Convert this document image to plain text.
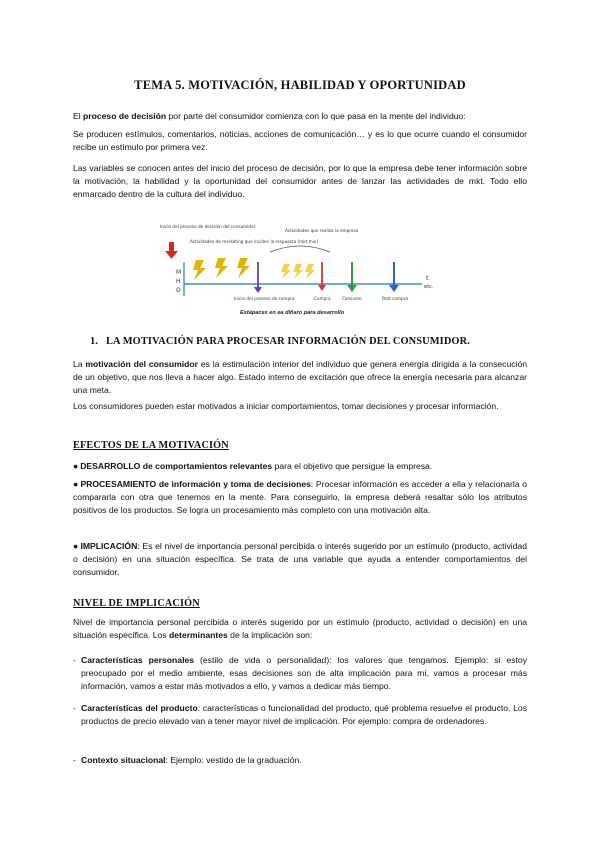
TEMA 5. MOTIVACIÓN, HABILIDAD Y OPORTUNIDAD
El proceso de decisión por parte del consumidor comienza con lo que pasa en la mente del individuo:
Se producen estímulos, comentarios, noticias, acciones de comunicación… y es lo que ocurre cuando el consumidor recibe un estímulo por primera vez.
Las variables se conocen antes del inicio del proceso de decisión, por lo que la empresa debe tener información sobre la motivación, la habilidad y la oportunidad del consumidor antes de lanzar las actividades de mkt. Todo ello enmarcado dentro de la cultura del individuo.
Inicio del proceso de decisión del consumidor
Actividades de marketing que inciden la respuesta (mkt mix)
Actividades que realiza la empresa
M
H
O
t
etc.
Inicio del proceso de compra	Compra	Consumo	Post compra
Estápaces en ea diñaro para desarrollo
1. LA MOTIVACIÓN PARA PROCESAR INFORMACIÓN DEL CONSUMIDOR.
La motivación del consumidor es la estimulación interior del individuo que genera energía dirigida a la consecución de un objetivo, que nos lleva a hacer algo. Estado interno de excitación que ofrece la energía necesaria para alcanzar una meta.
Los consumidores pueden estar motivados a iniciar comportamientos, tomar decisiones y procesar información.
EFECTOS DE LA MOTIVACIÓN
● DESARROLLO de comportamientos relevantes para el objetivo que persigue la empresa.
● PROCESAMIENTO de información y toma de decisiones: Procesar información es acceder a ella y relacionarla o compararla con otra que tenemos en la mente. Para conseguirlo, la empresa deberá resaltar sólo los atributos positivos de los productos. Se logra un procesamiento más completo con una motivación alta.
● IMPLICACIÓN: Es el nivel de importancia personal percibida o interés sugerido por un estímulo (producto, actividad o decisión) en una situación específica. Se trata de una variable que ayuda a entender comportamientos del consumidor.
NIVEL DE IMPLICACIÓN
Nivel de importancia personal percibida o interés sugerido por un estímulo (producto, actividad o decisión) en una situación específica. Los determinantes de la implicación son:
- Características personales (estilo de vida o personalidad): los valores que tengamos. Ejemplo: si estoy preocupado por el medio ambiente, esas decisiones son de alta implicación para mí, vamos a procesar más información, vamos a estar más motivados a ello, y vamos a dedicar más tiempo.
- Características del producto: características o funcionalidad del producto, qué problema resuelve el producto. Los productos de precio elevado van a tener mayor nivel de implicación. Por ejemplo: compra de ordenadores.
- Contexto situacional: Ejemplo: vestido de la graduación.
